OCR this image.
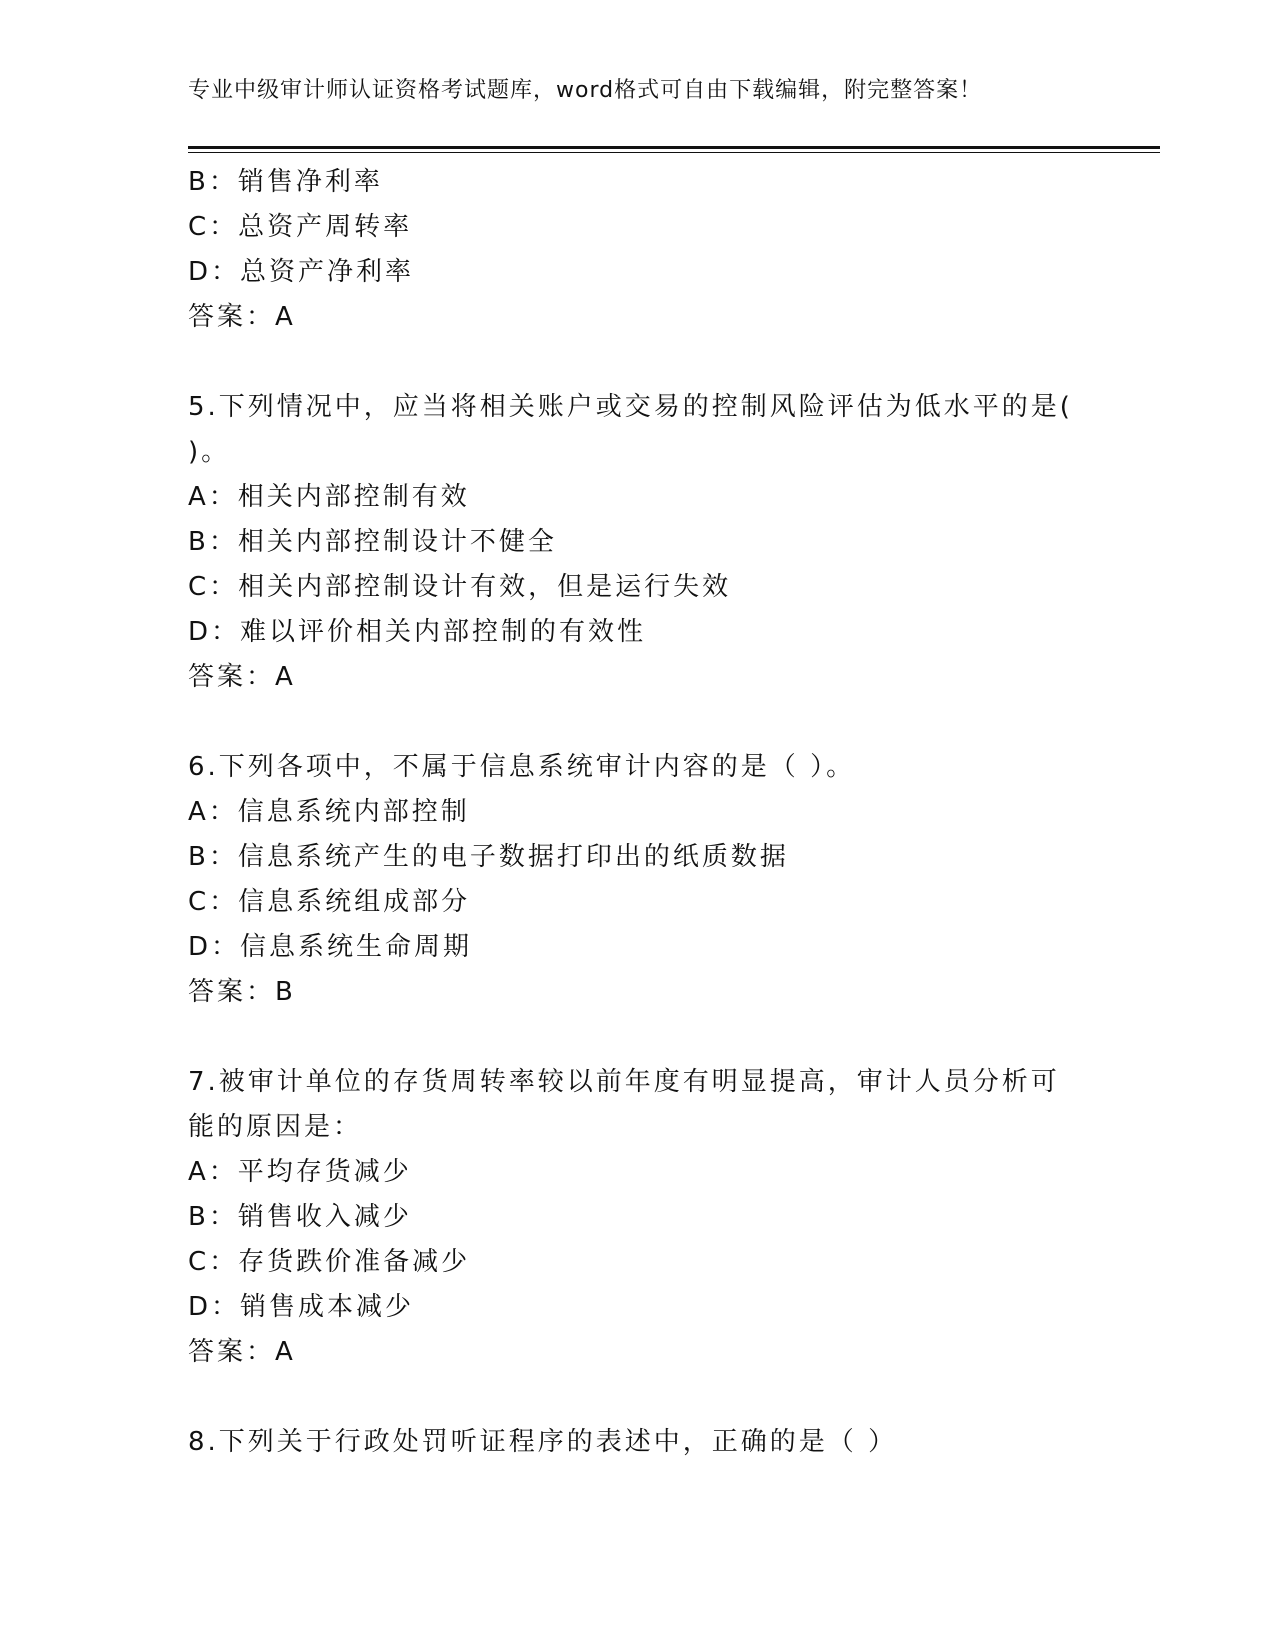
专业中级审计师认证资格考试题库，word格式可自由下载编辑，附完整答案！
B：销售净利率
C：总资产周转率
D：总资产净利率
答案：A
5.下列情况中，应当将相关账户或交易的控制风险评估为低水平的是(
)。
A：相关内部控制有效
B：相关内部控制设计不健全
C：相关内部控制设计有效，但是运行失效
D：难以评价相关内部控制的有效性
答案：A
6.下列各项中，不属于信息系统审计内容的是（ ）。
A：信息系统内部控制
B：信息系统产生的电子数据打印出的纸质数据
C：信息系统组成部分
D：信息系统生命周期
答案：B
7.被审计单位的存货周转率较以前年度有明显提高，审计人员分析可
能的原因是：
A：平均存货减少
B：销售收入减少
C：存货跌价准备减少
D：销售成本减少
答案：A
8.下列关于行政处罚听证程序的表述中，正确的是（ ）
